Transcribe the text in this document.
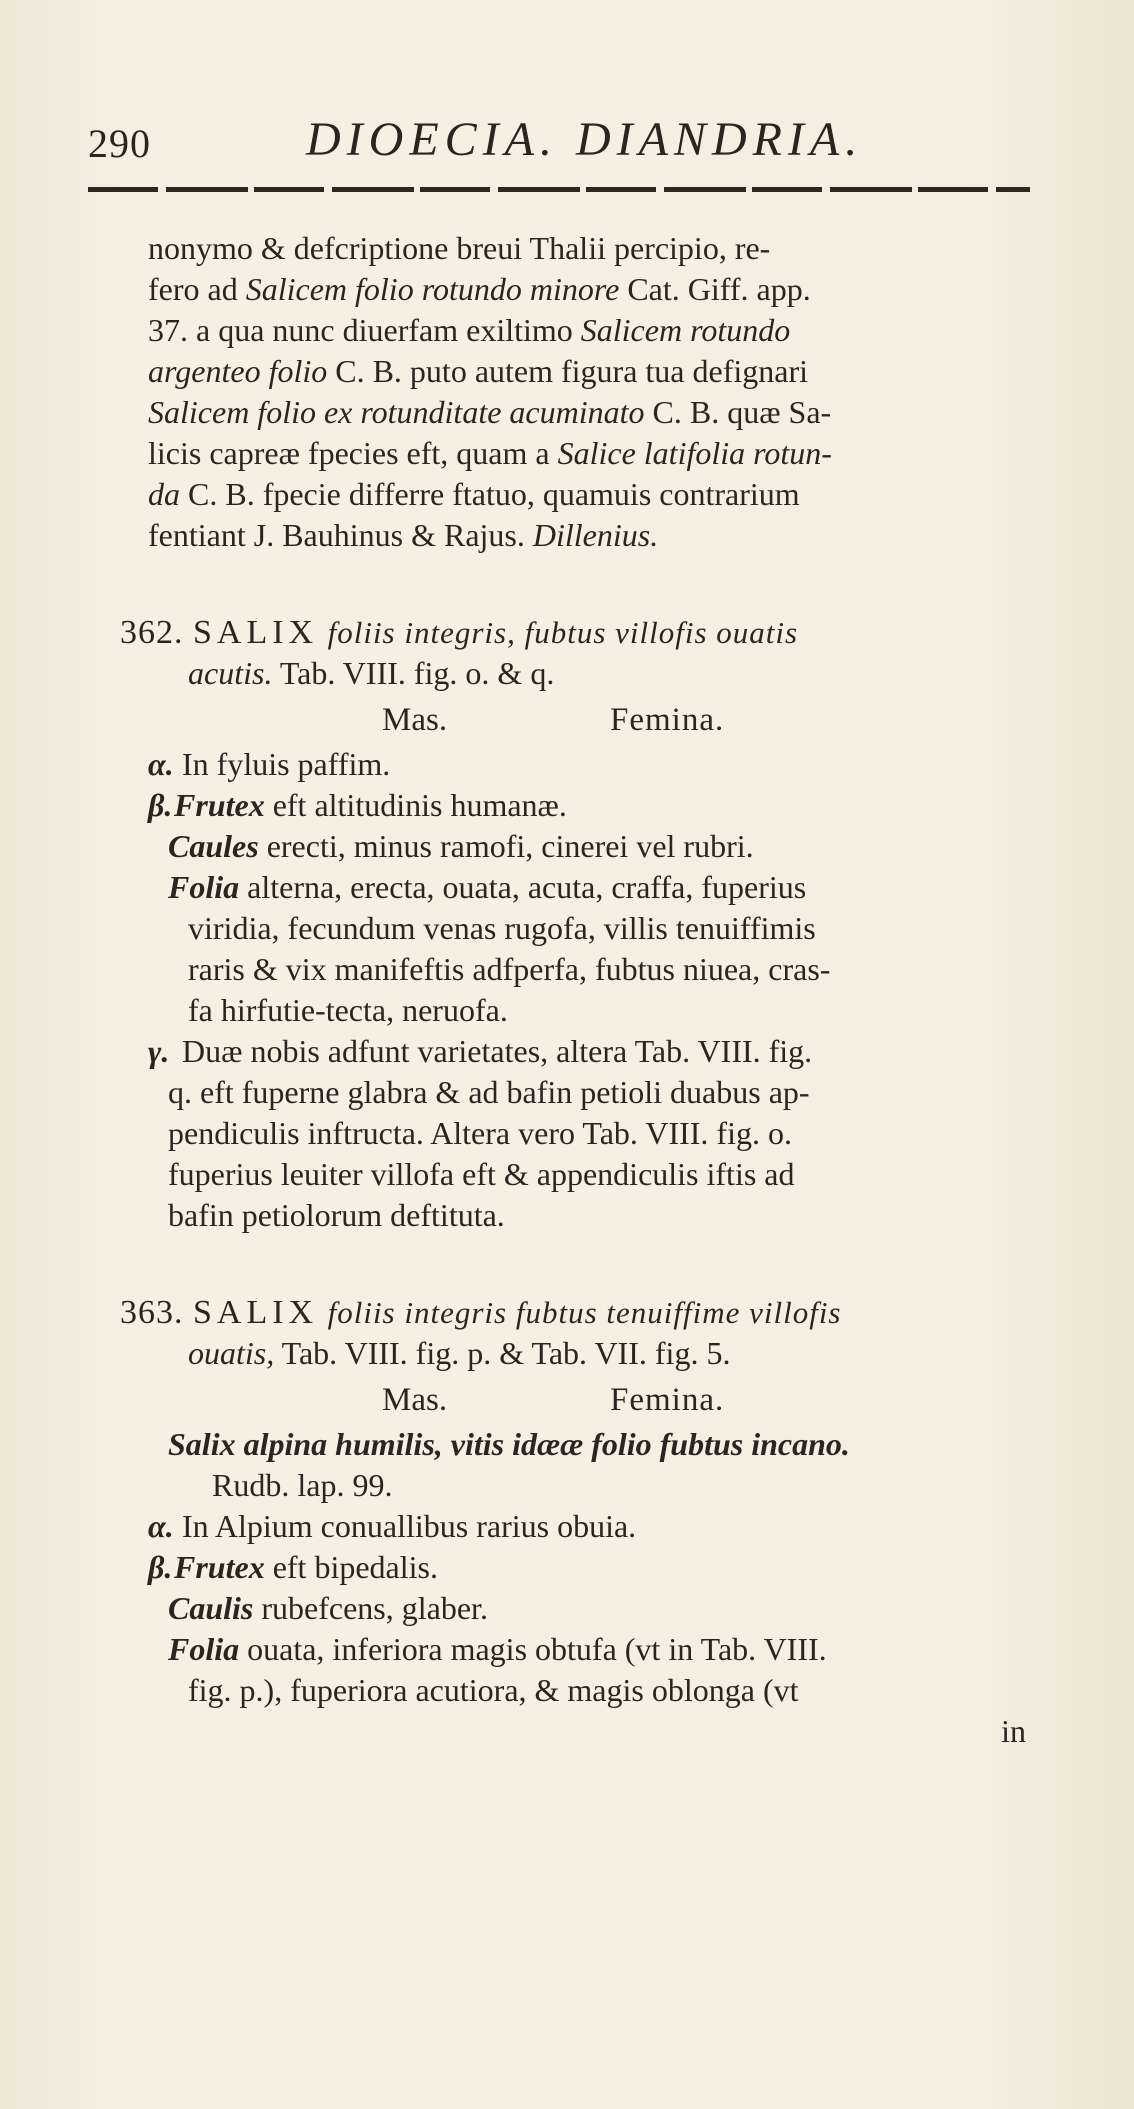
290	DIOECIA. DIANDRIA.
nonymo & defcriptione breui Thalii percipio, re-
fero ad Salicem folio rotundo minore Cat. Giff. app.
37. a qua nunc diuerfam exiltimo Salicem rotundo
argenteo folio C. B. puto autem figura tua defignari
Salicem folio ex rotunditate acuminato C. B. quæ Sa-
licis capreæ fpecies eft, quam a Salice latifolia rotun-
da C. B. fpecie differre ftatuo, quamuis contrarium
fentiant J. Bauhinus & Rajus. Dillenius.
362. SALIX foliis integris, fubtus villofis ouatis
acutis. Tab. VIII. fig. o. & q.
Mas.	Femina.
α. In fyluis paffim.
β.Frutex eft altitudinis humanæ.
Caules erecti, minus ramofi, cinerei vel rubri.
Folia alterna, erecta, ouata, acuta, craffa, fuperius
viridia, fecundum venas rugofa, villis tenuiffimis
raris & vix manifeftis adfperfa, fubtus niuea, cras-
fa hirfutie-tecta, neruofa.
γ. Duæ nobis adfunt varietates, altera Tab. VIII. fig.
q. eft fuperne glabra & ad bafin petioli duabus ap-
pendiculis inftructa. Altera vero Tab. VIII. fig. o.
fuperius leuiter villofa eft & appendiculis iftis ad
bafin petiolorum deftituta.
363. SALIX foliis integris fubtus tenuiffime villofis
ouatis, Tab. VIII. fig. p. & Tab. VII. fig. 5.
Mas.	Femina.
Salix alpina humilis, vitis idææ folio fubtus incano.
Rudb. lap. 99.
α. In Alpium conuallibus rarius obuia.
β.Frutex eft bipedalis.
Caulis rubefcens, glaber.
Folia ouata, inferiora magis obtufa (vt in Tab. VIII.
fig. p.), fuperiora acutiora, & magis oblonga (vt
in
